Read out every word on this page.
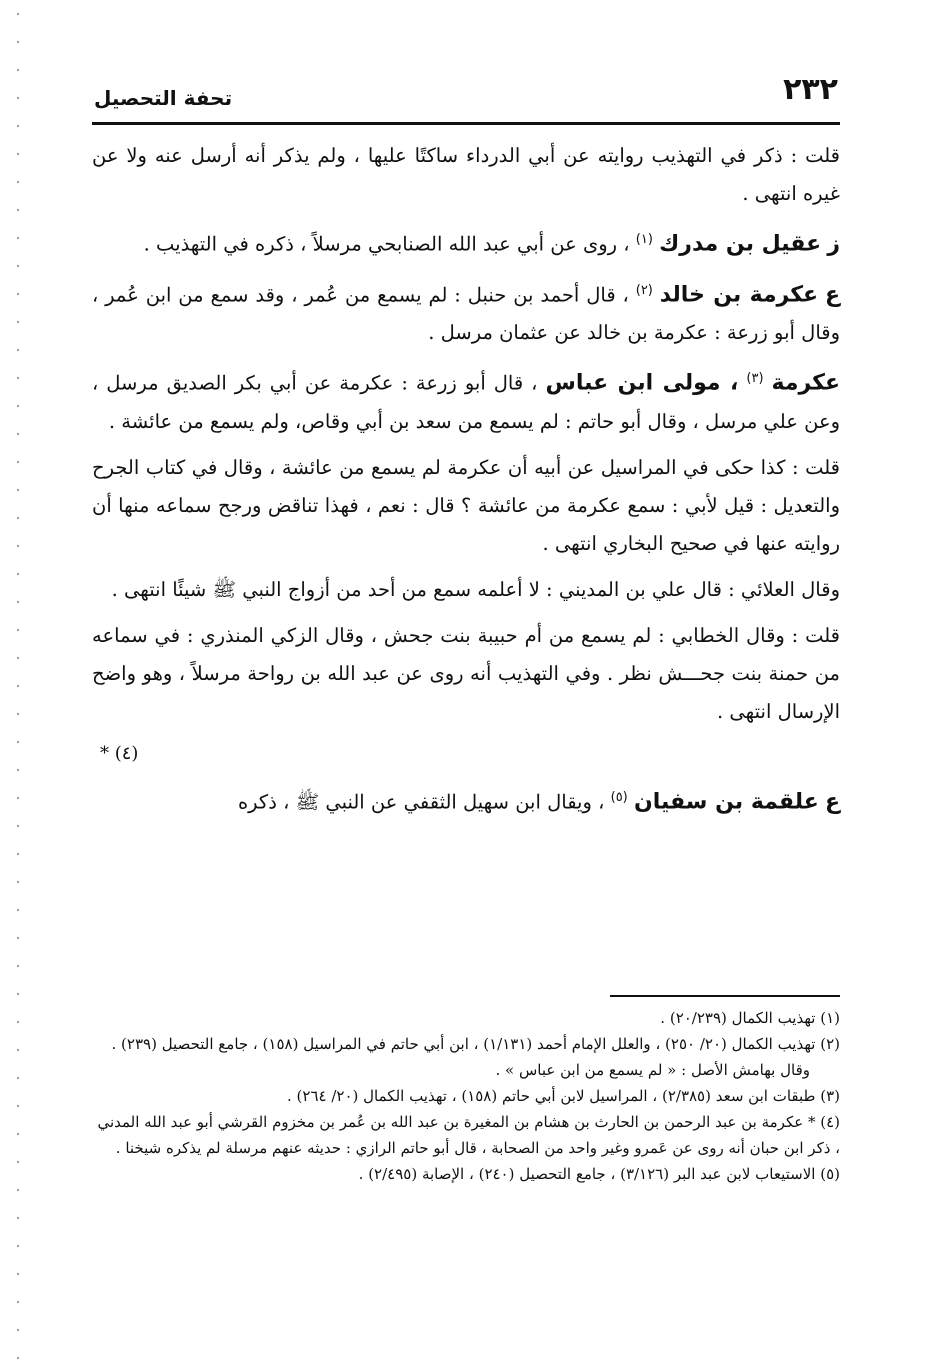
٢٣٢
تحفة التحصيل

قلت : ذكر في التهذيب روايته عن أبي الدرداء ساكتًا عليها ، ولم يذكر أنه أرسل عنه ولا عن غيره انتهى .

ز عقيل بن مدرك $^{(١)}$ ، روى عن أبي عبد الله الصنابحي مرسلاً ، ذكره في التهذيب .

ع عكرمة بن خالد $^{(٢)}$ ، قال أحمد بن حنبل : لم يسمع من عُمر ، وقد سمع من ابن عُمر ، وقال أبو زرعة : عكرمة بن خالد عن عثمان مرسل .

عكرمة $^{(٣)}$ ، مولى ابن عباس ، قال أبو زرعة : عكرمة عن أبي بكر الصديق مرسل ، وعن علي مرسل ، وقال أبو حاتم : لم يسمع من سعد بن أبي وقاص، ولم يسمع من عائشة .

قلت : كذا حكى في المراسيل عن أبيه أن عكرمة لم يسمع من عائشة ، وقال في كتاب الجرح والتعديل : قيل لأبي : سمع عكرمة من عائشة ؟ قال : نعم ، فهذا تناقض ورجح سماعه منها أن روايته عنها في صحيح البخاري انتهى .

وقال العلائي : قال علي بن المديني : لا أعلمه سمع من أحد من أزواج النبي ﷺ شيئًا انتهى .

قلت : وقال الخطابي : لم يسمع من أم حبيبة بنت جحش ، وقال الزكي المنذري : في سماعه من حمنة بنت جحـــش نظر . وفي التهذيب أنه روى عن عبد الله بن رواحة مرسلاً ، وهو واضح الإرسال انتهى .

* (٤)

ع علقمة بن سفيان $^{(٥)}$ ، ويقال ابن سهيل الثقفي عن النبي ﷺ ، ذكره

(١) تهذيب الكمال (٢٠/٢٣٩) .
(٢) تهذيب الكمال (٢٠/ ٢٥٠) ، والعلل الإمام أحمد (١/١٣١) ، ابن أبي حاتم في المراسيل (١٥٨) ، جامع التحصيل (٢٣٩) .
وقال بهامش الأصل : « لم يسمع من ابن عباس » .
(٣) طبقات ابن سعد (٢/٣٨٥) ، المراسيل لابن أبي حاتم (١٥٨) ، تهذيب الكمال (٢٠/ ٢٦٤) .
(٤) * عكرمة بن عبد الرحمن بن الحارث بن هشام بن المغيرة بن عبد الله بن عُمر بن مخزوم القرشي أبو عبد الله المدني ، ذكر ابن حبان أنه روى عن عَمرو وغير واحد من الصحابة ، قال أبو حاتم الرازي : حديثه عنهم مرسلة لم يذكره شيخنا .
(٥) الاستيعاب لابن عبد البر (٣/١٢٦) ، جامع التحصيل (٢٤٠) ، الإصابة (٢/٤٩٥) .
